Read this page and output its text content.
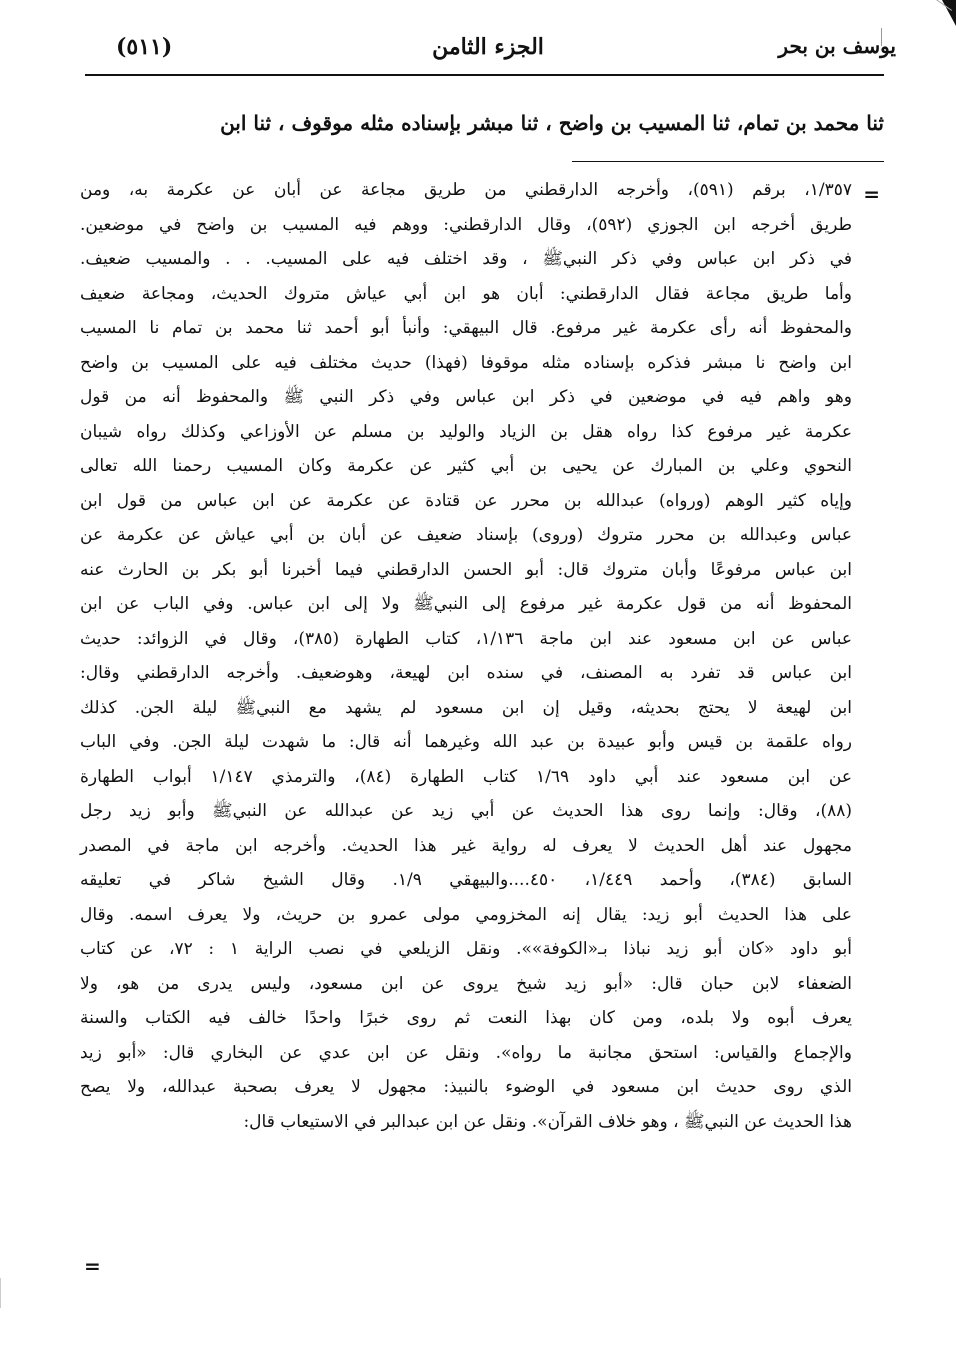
يوسف بن بحر
الجزء الثامن
(٥١١)
ثنا محمد بن تمام، ثنا المسيب بن واضح ، ثنا مبشر بإسناده مثله موقوف ، ثنا ابن
=
١/٣٥٧، برقم (٥٩١)، وأخرجه الدارقطني من طريق مجاعة عن أبان عن عكرمة به، ومن
طريق أخرجه ابن الجوزي (٥٩٢)، وقال الدارقطني: ووهم فيه المسيب بن واضح في موضعين.
في ذكر ابن عباس وفي ذكر النبيﷺ ، وقد اختلف فيه على المسيب. . . والمسيب ضعيف.
وأما طريق مجاعة فقال الدارقطني: أبان هو ابن أبي عياش متروك الحديث، ومجاعة ضعيف
والمحفوظ أنه رأى عكرمة غير مرفوع. قال البيهقي: وأنبأ أبو أحمد ثنا محمد بن تمام نا المسيب
ابن واضح نا مبشر فذكره بإسناده مثله موقوفا (فهذا) حديث مختلف فيه على المسيب بن واضح
وهو واهم فيه في موضعين في ذكر ابن عباس وفي ذكر النبي ﷺ والمحفوظ أنه من قول
عكرمة غير مرفوع كذا رواه هقل بن الزياد والوليد بن مسلم عن الأوزاعي وكذلك رواه شيبان
النحوي وعلي بن المبارك عن يحيى بن أبي كثير عن عكرمة وكان المسيب رحمنا الله تعالى
وإياه كثير الوهم (ورواه) عبدالله بن محرر عن قتادة عن عكرمة عن ابن عباس من قول ابن
عباس وعبدالله بن محرر متروك (وروى) بإسناد ضعيف عن أبان بن أبي عياش عن عكرمة عن
ابن عباس مرفوعًا وأبان متروك قال: أبو الحسن الدارقطني فيما أخبرنا أبو بكر بن الحارث عنه
المحفوظ أنه من قول عكرمة غير مرفوع إلى النبيﷺ ولا إلى ابن عباس. وفي الباب عن ابن
عباس عن ابن مسعود عند ابن ماجة ١/١٣٦، كتاب الطهارة (٣٨٥)، وقال في الزوائد: حديث
ابن عباس قد تفرد به المصنف، في سنده ابن لهيعة، وهوضعيف. وأخرجه الدارقطني وقال:
ابن لهيعة لا يحتج بحديثه، وقيل إن ابن مسعود لم يشهد مع النبيﷺ ليلة الجن. كذلك
رواه علقمة بن قيس وأبو عبيدة بن عبد الله وغيرهما أنه قال: ما شهدت ليلة الجن. وفي الباب
عن ابن مسعود عند أبي داود ١/٦٩ كتاب الطهارة (٨٤)، والترمذي ١/١٤٧ أبواب الطهارة
(٨٨)، وقال: وإنما روى هذا الحديث عن أبي زيد عن عبدالله عن النبيﷺ وأبو زيد رجل
مجهول عند أهل الحديث لا يعرف له رواية غير هذا الحديث. وأخرجه ابن ماجة في المصدر
السابق (٣٨٤)، وأحمد ١/٤٤٩، ٤٥٠....والبيهقي ١/٩. وقال الشيخ شاكر في تعليقه
على هذا الحديث أبو زيد: يقال إنه المخزومي مولى عمرو بن حريث، ولا يعرف اسمه. وقال
أبو داود «كان أبو زيد نباذا بـ«الكوفة»». ونقل الزيلعي في نصب الراية ١ : ٧٢، عن كتاب
الضعفاء لابن حبان قال: «أبو زيد شيخ يروى عن ابن مسعود، وليس يدرى من هو، ولا
يعرف أبوه ولا بلده، ومن كان بهذا النعت ثم روى خبرًا واحدًا خالف فيه الكتاب والسنة
والإجماع والقياس: استحق مجانبة ما رواه». ونقل عن ابن عدي عن البخاري قال: «أبو زيد
الذي روى حديث ابن مسعود في الوضوء بالنبيذ: مجهول لا يعرف بصحبة عبدالله، ولا يصح
هذا الحديث عن النبيﷺ ، وهو خلاف القرآن». ونقل عن ابن عبدالبر في الاستيعاب قال:
=
